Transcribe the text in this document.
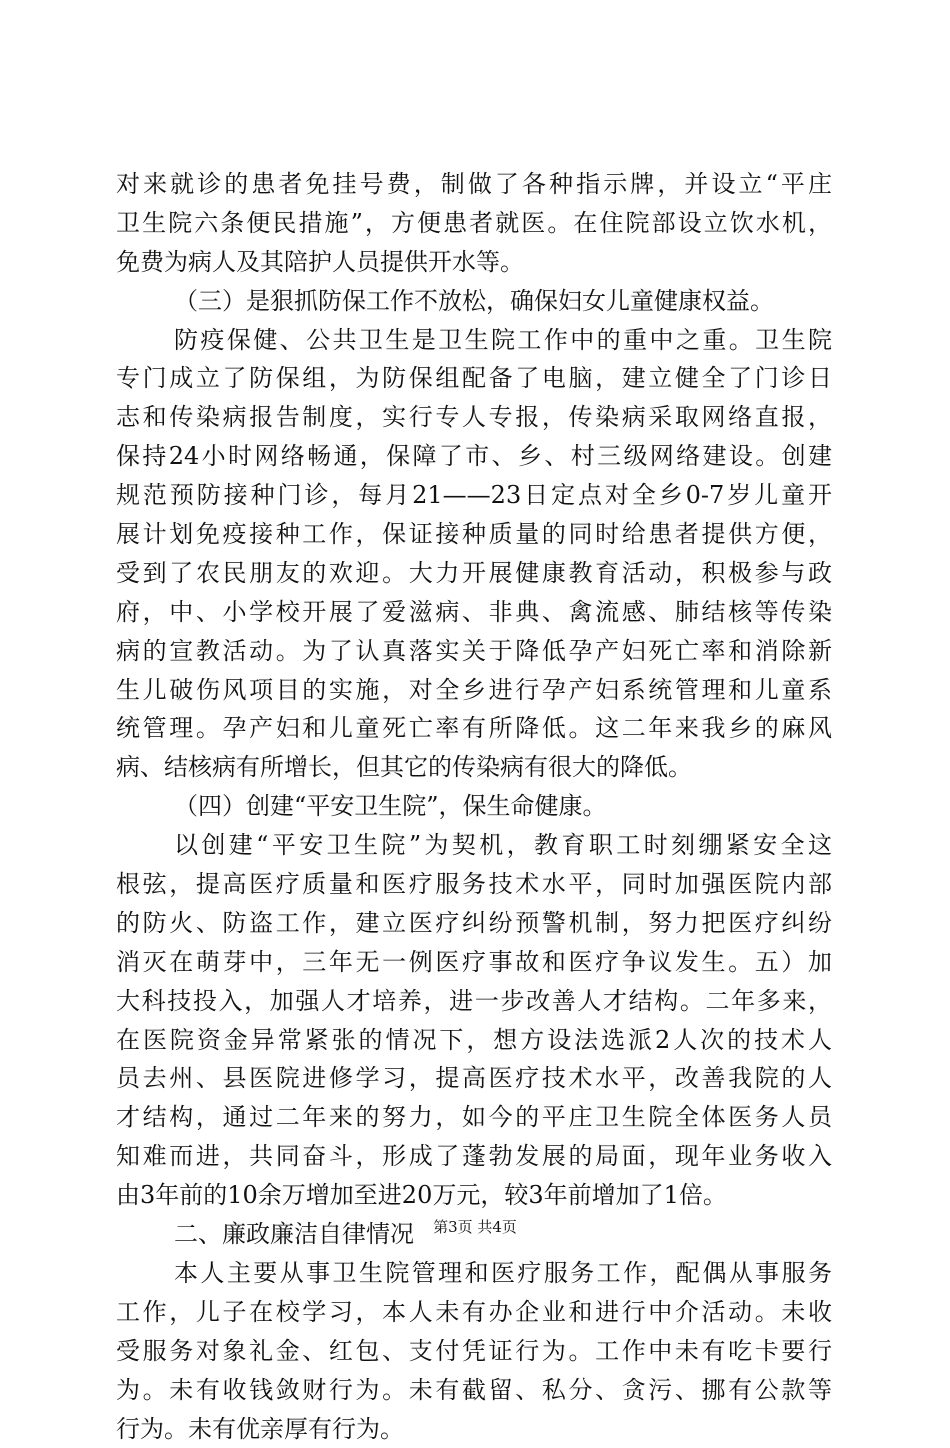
对来就诊的患者免挂号费，制做了各种指示牌，并设立“平庄
卫生院六条便民措施”，方便患者就医。在住院部设立饮水机，
免费为病人及其陪护人员提供开水等。
（三）是狠抓防保工作不放松，确保妇女儿童健康权益。
防疫保健、公共卫生是卫生院工作中的重中之重。卫生院
专门成立了防保组，为防保组配备了电脑，建立健全了门诊日
志和传染病报告制度，实行专人专报，传染病采取网络直报，
保持24小时网络畅通，保障了市、乡、村三级网络建设。创建
规范预防接种门诊，每月21——23日定点对全乡0-7岁儿童开
展计划免疫接种工作，保证接种质量的同时给患者提供方便，
受到了农民朋友的欢迎。大力开展健康教育活动，积极参与政
府，中、小学校开展了爱滋病、非典、禽流感、肺结核等传染
病的宣教活动。为了认真落实关于降低孕产妇死亡率和消除新
生儿破伤风项目的实施，对全乡进行孕产妇系统管理和儿童系
统管理。孕产妇和儿童死亡率有所降低。这二年来我乡的麻风
病、结核病有所增长，但其它的传染病有很大的降低。
（四）创建“平安卫生院”，保生命健康。
以创建“平安卫生院”为契机，教育职工时刻绷紧安全这
根弦，提高医疗质量和医疗服务技术水平，同时加强医院内部
的防火、防盗工作，建立医疗纠纷预警机制，努力把医疗纠纷
消灭在萌芽中，三年无一例医疗事故和医疗争议发生。五）加
大科技投入，加强人才培养，进一步改善人才结构。二年多来，
在医院资金异常紧张的情况下，想方设法选派2人次的技术人
员去州、县医院进修学习，提高医疗技术水平，改善我院的人
才结构，通过二年来的努力，如今的平庄卫生院全体医务人员
知难而进，共同奋斗，形成了蓬勃发展的局面，现年业务收入
由3年前的10余万增加至进20万元，较3年前增加了1倍。
二、廉政廉洁自律情况
本人主要从事卫生院管理和医疗服务工作，配偶从事服务
工作，儿子在校学习，本人未有办企业和进行中介活动。未收
受服务对象礼金、红包、支付凭证行为。工作中未有吃卡要行
为。未有收钱敛财行为。未有截留、私分、贪污、挪有公款等
行为。未有优亲厚有行为。
第3页 共4页
